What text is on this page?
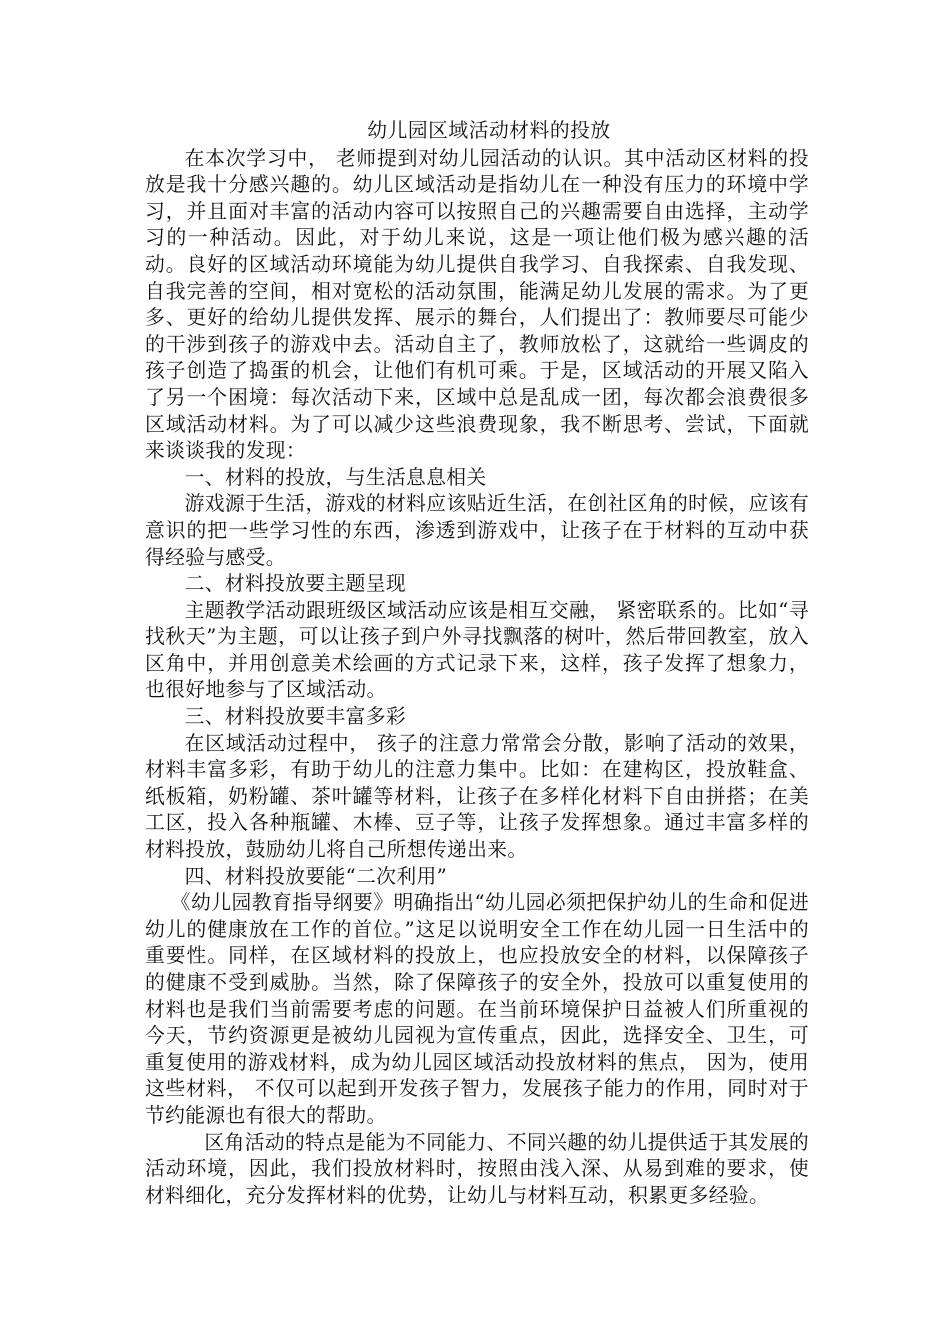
幼儿园区域活动材料的投放

在本次学习中， 老师提到对幼儿园活动的认识。其中活动区材料的投放是我十分感兴趣的。幼儿区域活动是指幼儿在一种没有压力的环境中学习，并且面对丰富的活动内容可以按照自己的兴趣需要自由选择，主动学习的一种活动。因此，对于幼儿来说，这是一项让他们极为感兴趣的活动。良好的区域活动环境能为幼儿提供自我学习、自我探索、自我发现、自我完善的空间，相对宽松的活动氛围，能满足幼儿发展的需求。为了更多、更好的给幼儿提供发挥、展示的舞台，人们提出了：教师要尽可能少的干涉到孩子的游戏中去。活动自主了，教师放松了，这就给一些调皮的孩子创造了捣蛋的机会，让他们有机可乘。于是，区域活动的开展又陷入了另一个困境：每次活动下来，区域中总是乱成一团，每次都会浪费很多区域活动材料。为了可以减少这些浪费现象，我不断思考、尝试，下面就来谈谈我的发现：

一、材料的投放，与生活息息相关

游戏源于生活，游戏的材料应该贴近生活，在创社区角的时候，应该有意识的把一些学习性的东西，渗透到游戏中，让孩子在于材料的互动中获得经验与感受。

二、材料投放要主题呈现

主题教学活动跟班级区域活动应该是相互交融， 紧密联系的。比如“寻找秋天”为主题，可以让孩子到户外寻找飘落的树叶，然后带回教室，放入区角中，并用创意美术绘画的方式记录下来，这样，孩子发挥了想象力，也很好地参与了区域活动。

三、材料投放要丰富多彩

在区域活动过程中， 孩子的注意力常常会分散，影响了活动的效果，材料丰富多彩，有助于幼儿的注意力集中。比如：在建构区，投放鞋盒、纸板箱，奶粉罐、茶叶罐等材料，让孩子在多样化材料下自由拼搭；在美工区，投入各种瓶罐、木棒、豆子等，让孩子发挥想象。通过丰富多样的材料投放，鼓励幼儿将自己所想传递出来。

四、材料投放要能“二次利用”

《幼儿园教育指导纲要》明确指出“幼儿园必须把保护幼儿的生命和促进幼儿的健康放在工作的首位。”这足以说明安全工作在幼儿园一日生活中的重要性。同样，在区域材料的投放上，也应投放安全的材料，以保障孩子的健康不受到威胁。当然，除了保障孩子的安全外，投放可以重复使用的材料也是我们当前需要考虑的问题。在当前环境保护日益被人们所重视的今天，节约资源更是被幼儿园视为宣传重点，因此，选择安全、卫生，可重复使用的游戏材料，成为幼儿园区域活动投放材料的焦点， 因为，使用这些材料， 不仅可以起到开发孩子智力，发展孩子能力的作用，同时对于节约能源也有很大的帮助。

区角活动的特点是能为不同能力、不同兴趣的幼儿提供适于其发展的活动环境，因此，我们投放材料时，按照由浅入深、从易到难的要求，使材料细化，充分发挥材料的优势，让幼儿与材料互动，积累更多经验。
